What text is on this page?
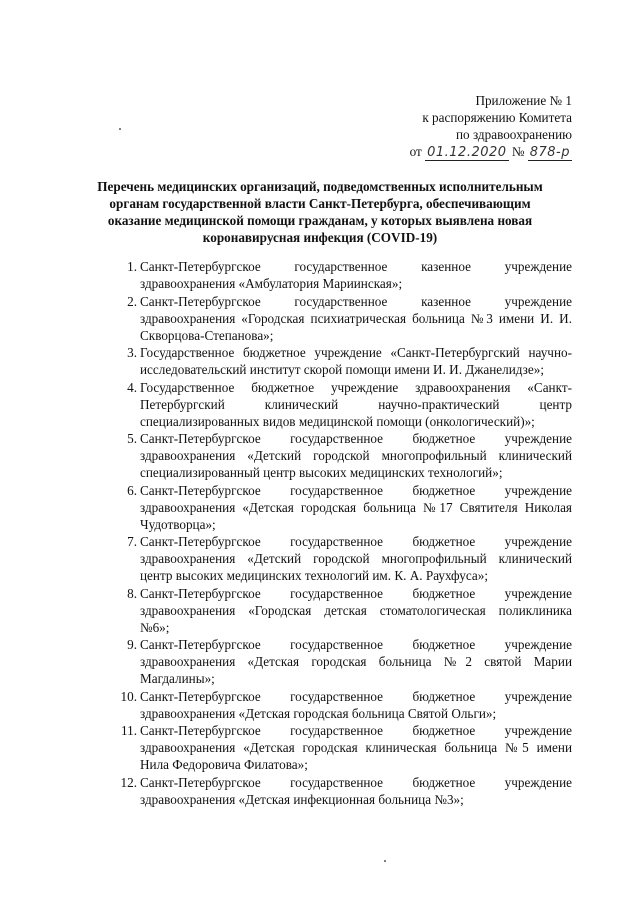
Приложение № 1
к распоряжению Комитета
по здравоохранению
от 01.12.2020 № 878-р
Перечень медицинских организаций, подведомственных исполнительным
органам государственной власти Санкт-Петербурга, обеспечивающим
оказание медицинской помощи гражданам, у которых выявлена новая
коронавирусная инфекция (COVID-19)
1. Санкт-Петербургское государственное казенное учреждение
здравоохранения «Амбулатория Мариинская»;
2. Санкт-Петербургское государственное казенное учреждение
здравоохранения «Городская психиатрическая больница №3 имени И. И.
Скворцова-Степанова»;
3. Государственное бюджетное учреждение «Санкт-Петербургский научно-
исследовательский институт скорой помощи имени И. И. Джанелидзе»;
4. Государственное бюджетное учреждение здравоохранения «Санкт-
Петербургский клинический научно-практический центр
специализированных видов медицинской помощи (онкологический)»;
5. Санкт-Петербургское государственное бюджетное учреждение
здравоохранения «Детский городской многопрофильный клинический
специализированный центр высоких медицинских технологий»;
6. Санкт-Петербургское государственное бюджетное учреждение
здравоохранения «Детская городская больница №17 Святителя Николая
Чудотворца»;
7. Санкт-Петербургское государственное бюджетное учреждение
здравоохранения «Детский городской многопрофильный клинический
центр высоких медицинских технологий им. К. А. Раухфуса»;
8. Санкт-Петербургское государственное бюджетное учреждение
здравоохранения «Городская детская стоматологическая поликлиника
№6»;
9. Санкт-Петербургское государственное бюджетное учреждение
здравоохранения «Детская городская больница №2 святой Марии
Магдалины»;
10. Санкт-Петербургское государственное бюджетное учреждение
здравоохранения «Детская городская больница Святой Ольги»;
11. Санкт-Петербургское государственное бюджетное учреждение
здравоохранения «Детская городская клиническая больница №5 имени
Нила Федоровича Филатова»;
12. Санкт-Петербургское государственное бюджетное учреждение
здравоохранения «Детская инфекционная больница №3»;
